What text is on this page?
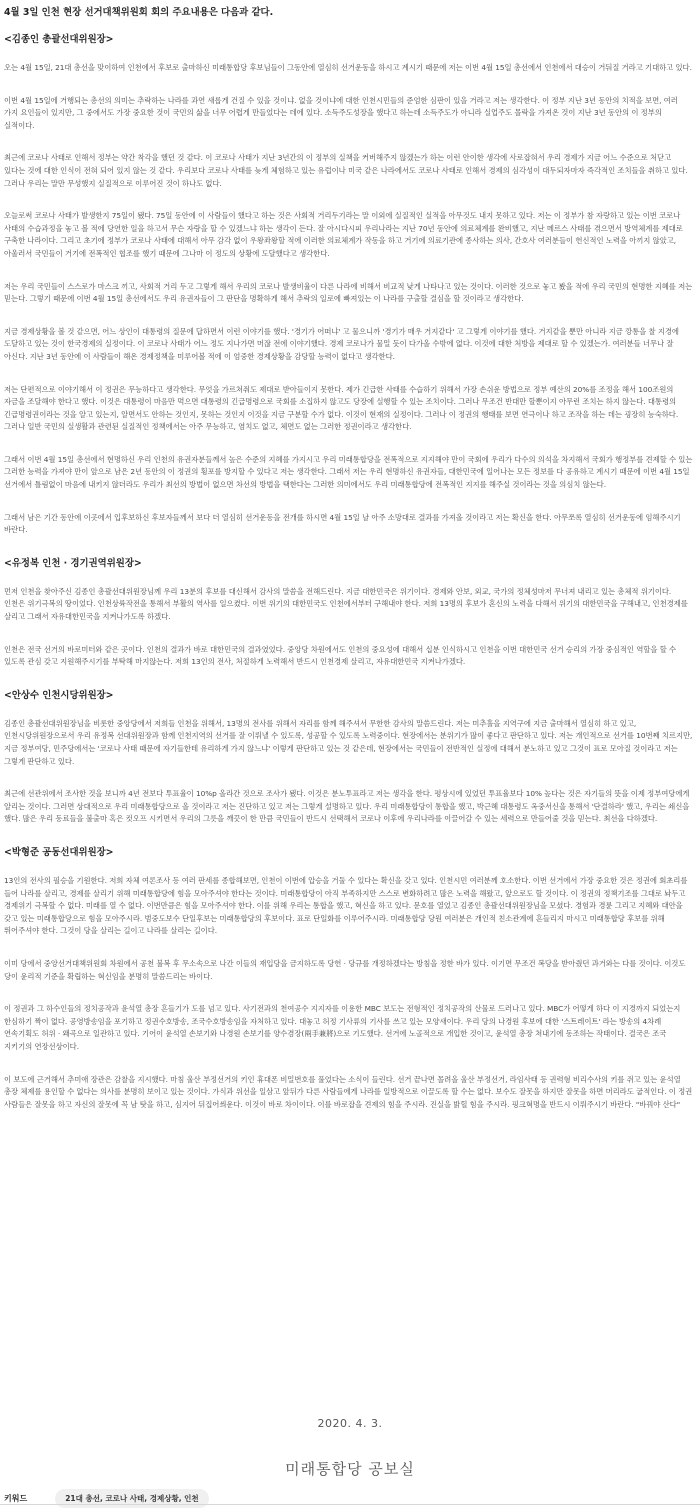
4월 3일 인천 현장 선거대책위원회 회의 주요내용은 다음과 같다.
<김종인 총괄선대위원장>

오는 4월 15일, 21대 총선을 맞이하여 인천에서 후보로 출마하신 미래통합당 후보님들이 그동안에 열심히 선거운동을 하시고 계시기 때문에 저는 이번 4월 15일 총선에서 인천에서 대승이 거둬질 거라고 기대하고 있다.

이번 4월 15일에 거행되는 총선의 의미는 추락하는 나라를 과연 새롭게 건질 수 있을 것이냐. 없을 것이냐에 대한 인천시민들의 준엄한 심판이 있을 거라고 저는 생각한다. 이 정부 지난 3년 동안의 치적을 보면, 여러 가지 요인들이 있지만, 그 중에서도 가장 중요한 것이 국민의 삶을 너무 어렵게 만들었다는 데에 있다. 소득주도성장을 했다고 하는데 소득주도가 아니라 실업주도 몰락을 가져온 것이 지난 3년 동안의 이 정부의 실적이다.

최근에 코로나 사태로 인해서 정부는 약간 착각을 했던 것 같다. 이 코로나 사태가 지난 3년간의 이 정부의 실책을 커버해주지 않겠는가 하는 이런 안이한 생각에 사로잡혀서 우리 경제가 지금 어느 수준으로 처닫고 있다는 것에 대한 인식이 전혀 되어 있지 않는 것 같다. 우리보다 코로나 사태를 늦게 체험하고 있는 유럽이나 미국 같은 나라에서도 코로나 사태로 인해서 경제의 심각성이 대두되자마자 즉각적인 조치들을 취하고 있다. 그러나 우리는 말만 무성했지 실질적으로 이루어진 것이 하나도 없다.

오늘로써 코로나 사태가 발생한지 75일이 됐다. 75일 동안에 이 사람들이 했다고 하는 것은 사회적 거리두기라는 말 이외에 실질적인 실적을 아무것도 내지 못하고 있다. 저는 이 정부가 참 자랑하고 있는 이번 코로나 사태의 수습과정을 놓고 볼 적에 당연한 일을 하고서 무슨 자랑을 할 수 있겠느냐 하는 생각이 든다. 잘 아시다시피 우리나라는 지난 70년 동안에 의료체계를 완비했고, 지난 메르스 사태를 겪으면서 방역체계를 제대로 구축한 나라이다. 그리고 초기에 정부가 코로나 사태에 대해서 아무 감각 없이 우왕좌왕할 적에 이러한 의료체계가 작동을 하고 거기에 의료기관에 종사하는 의사, 간호사 여러분들이 헌신적인 노력을 아끼지 않았고, 아울러서 국민들이 거기에 전폭적인 협조를 했기 때문에 그나마 이 정도의 상황에 도달했다고 생각한다.

저는 우리 국민들이 스스로가 마스크 끼고, 사회적 거리 두고 그렇게 해서 우리의 코로나 발생비율이 다른 나라에 비해서 비교적 낮게 나타나고 있는 것이다. 이러한 것으로 놓고 봤을 적에 우리 국민의 현명한 지혜를 저는 믿는다. 그렇기 때문에 이번 4월 15일 총선에서도 우리 유권자들이 그 판단을 명확하게 해서 추락의 일로에 빠져있는 이 나라를 구출할 결심을 할 것이라고 생각한다.

지금 경제상황을 볼 것 같으면, 어느 상인이 대통령의 질문에 답하면서 이런 이야기를 했다. '경기가 어떠냐' 고 물으니까 '경기가 매우 거지같다' 고 그렇게 이야기를 했다. 거지같을 뿐만 아니라 지금 깡통을 찰 지경에 도달하고 있는 것이 한국경제의 실정이다. 이 코로나 사태가 어느 정도 지나가면 머잖 전에 이야기했다. 경제 코로나가 물밀 듯이 다가올 수밖에 없다. 이것에 대한 처방을 제대로 할 수 있겠는가. 여러분들 너무나 잘 아신다. 지난 3년 동안에 이 사람들이 해온 경제정책을 미루어볼 적에 이 엄중한 경제상황을 감당할 능력이 없다고 생각한다.

저는 단편적으로 이야기해서 이 정권은 무능하다고 생각한다. 무엇을 가르쳐줘도 제대로 받아들이지 못한다. 제가 긴급한 사태를 수습하기 위해서 가장 손쉬운 방법으로 정부 예산의 20%를 조정을 해서 100조원의 자금을 조달해야 한다고 했다. 이것은 대통령이 마음만 먹으면 대통령의 긴급명령으로 국회를 소집하지 않고도 당장에 실행할 수 있는 조치이다. 그러나 무조건 반대만 할뿐이지 아무런 조치는 하지 않는다. 대통령의 긴급명령권이라는 것을 알고 있는지, 알면서도 안하는 것인지, 못하는 것인지 이것을 지금 구분할 수가 없다. 이것이 현재의 실정이다. 그러나 이 정권의 행태를 보면 연극이나 하고 조작을 하는 데는 굉장히 능숙하다. 그러나 일반 국민의 실생활과 관련된 실질적인 정책에서는 아주 무능하고, 염치도 없고, 체면도 없는 그러한 정권이라고 생각한다.

그래서 이번 4월 15일 총선에서 현명하신 우리 인천의 유권자분들께서 높은 수준의 지혜를 가지시고 우리 미래통합당을 전폭적으로 지지해야 만이 국회에 우리가 다수의 의석을 차지해서 국회가 행정부를 견제할 수 있는 그러한 능력을 가져야 만이 앞으로 남은 2년 동안의 이 정권의 횡포를 방지할 수 있다고 저는 생각한다. 그래서 저는 우리 현명하신 유권자들, 대한민국에 일어나는 모든 정보를 다 공유하고 계시기 때문에 이번 4월 15일 선거에서 틀림없이 마음에 내키지 않더라도 우리가 최선의 방법이 없으면 차선의 방법을 택한다는 그러한 의미에서도 우리 미래통합당에 전폭적인 지지를 해주실 것이라는 것을 의심치 않는다.

그래서 남은 기간 동안에 이곳에서 입후보하신 후보자들께서 보다 더 열심히 선거운동을 전개를 하시면 4월 15일 날 아주 소망대로 결과를 가져올 것이라고 저는 확신을 한다. 아무쪼록 열심히 선거운동에 임해주시기 바란다.

<유정복 인천 · 경기권역위원장>

먼저 인천을 찾아주신 김종인 총괄선대위원장님께 우리 13분의 후보를 대신해서 감사의 말씀을 전해드린다. 지금 대한민국은 위기이다. 경제와 안보, 외교, 국가의 정체성마저 무너져 내리고 있는 총체적 위기이다. 인천은 위기극복의 땅이었다. 인천상륙작전을 통해서 부활의 역사를 일으켰다. 이번 위기의 대한민국도 인천에서부터 구해내야 한다. 저희 13명의 후보가 혼신의 노력을 다해서 위기의 대한민국을 구해내고, 인천경제를 살리고 그래서 자유대한민국을 지켜나가도록 하겠다.

인천은 전국 선거의 바로미터와 같은 곳이다. 인천의 결과가 바로 대한민국의 결과였었다. 중앙당 차원에서도 인천의 중요성에 대해서 십분 인식하시고 인천을 이번 대한민국 선거 승리의 가장 중심적인 역할을 할 수 있도록 관심 갖고 지원해주시기를 부탁해 마지않는다. 저희 13인의 전사, 처절하게 노력해서 반드시 인천경제 살리고, 자유대한민국 지켜나가겠다.

<안상수 인천시당위원장>

김종인 총괄선대위원장님을 비롯한 중앙당에서 저희들 인천을 위해서, 13명의 전사를 위해서 자리를 함께 해주셔서 무한한 감사의 말씀드린다. 저는 미추홀을 지역구에 지금 출마해서 열심히 하고 있고, 인천시당위원장으로서 우리 유정복 선대위원장과 함께 인천지역의 선거를 잘 이뤄낼 수 있도록, 성공할 수 있도록 노력중이다. 현장에서는 분위기가 많이 좋다고 판단하고 있다. 저는 개인적으로 선거를 10번째 치르지만, 지금 정부여당, 민주당에서는 '코로나 사태 때문에 자기들한테 유리하게 가지 않느냐' 이렇게 판단하고 있는 것 같은데, 현장에서는 국민들이 전반적인 실정에 대해서 분노하고 있고 그것이 표로 모아질 것이라고 저는 그렇게 판단하고 있다.

최근에 선관위에서 조사한 것을 보니까 4년 전보다 투표율이 10%p 올라간 것으로 조사가 됐다. 이것은 분노투표라고 저는 생각을 한다. 평상시에 있었던 투표율보다 10% 높다는 것은 자기들의 뜻을 이제 정부여당에게 알리는 것이다. 그러면 상대적으로 우리 미래통합당으로 올 것이라고 저는 진단하고 있고 저는 그렇게 설명하고 있다. 우리 미래통합당이 통합을 했고, 박근혜 대통령도 옥중서신을 통해서 '단결하라' 했고, 우리는 쇄신을 했다. 많은 우리 동료들을 불출마 혹은 컷오프 시키면서 우리의 그릇을 깨끗이 한 만큼 국민들이 반드시 선택해서 코로나 이후에 우리나라를 이끌어갈 수 있는 세력으로 만들어줄 것을 믿는다. 최선을 다하겠다.

<박형준 공동선대위원장>

13인의 전사의 필승을 기원한다. 저희 자체 여론조사 등 여러 판세를 종합해보면, 인천이 이번에 압승을 거둘 수 있다는 확신을 갖고 있다. 인천시민 여러분께 호소한다. 이번 선거에서 가장 중요한 것은 정권에 회초리를 들어 나라를 살리고, 경제를 살리기 위해 미래통합당에 힘을 모아주셔야 한다는 것이다. 미래통합당이 아직 부족하지만 스스로 변화하려고 많은 노력을 해왔고, 앞으로도 할 것이다. 이 정권의 정책기조를 그대로 놔두고 경제위기 극복할 수 없다. 미래를 열 수 없다. 이번만큼은 힘을 모아주셔야 한다. 이를 위해 우리는 통합을 했고, 혁신을 하고 있다. 문호를 열었고 김종인 총괄선대위원장님을 모셨다. 경험과 경륜 그리고 지혜와 대안을 갖고 있는 미래통합당으로 힘을 모아주시라. 범중도보수 단일후보는 미래통합당의 후보이다. 표로 단일화를 이루어주시라. 미래통합당 당원 여러분은 개인적 친소관계에 흔들리지 마시고 미래통합당 후보를 위해 뛰어주셔야 한다. 그것이 당을 살리는 길이고 나라를 살리는 길이다.

이미 당에서 중앙선거대책위원회 차원에서 공천 불복 후 무소속으로 나간 이들의 재입당을 금지하도록 당헌 · 당규를 개정하겠다는 방침을 정한 바가 있다. 이기면 무조건 복당을 받아줬던 과거와는 다를 것이다. 이것도 당이 윤리적 기준을 확립하는 혁신임을 분명히 말씀드리는 바이다.

이 정권과 그 하수인들의 정치공작과 윤석열 총장 흔들기가 도를 넘고 있다. 사기전과의 천여공수 지지자를 이용한 MBC 보도는 전형적인 정치공작의 산물로 드러나고 있다. MBC가 어떻게 하다 이 지경까지 되었는지 한심하기 짝이 없다. 공영방송임을 포기하고 정권수호방송, 조국수호방송임을 자처하고 있다. 대놓고 허정 기사류의 기사를 쓰고 있는 모양새이다. 우리 당의 나경원 후보에 대한 '스트레이트' 라는 방송의 4차례 연속기획도 허위 · 왜곡으로 일관하고 있다. 기어이 윤석열 손보기와 나경원 손보기를 양수겸장(兩手兼將)으로 기도했다. 선거에 노골적으로 개입한 것이고, 윤석열 총장 쳐내기에 동조하는 작태이다. 결국은 조국 지키기의 연장선상이다.

이 보도에 근거해서 추미애 장관은 감찰을 지시했다. 마침 울산 부정선거의 키인 휴대폰 비밀번호를 풀었다는 소식이 들린다. 선거 끝나면 몰려올 울산 부정선거, 라임사태 등 권력형 비리수사의 키를 쥐고 있는 윤석열 총장 체제를 용인할 수 없다는 의사를 분명히 보이고 있는 것이다. 가식과 위선을 일삼고 앞뒤가 다른 사람들에게 나라를 일방적으로 이끌도록 할 수는 없다. 보수도 잘못을 하지만 잘못을 하면 머리라도 굽적인다. 이 정권 사람들은 잘못을 하고 자신의 잘못에 꼭 남 탓을 하고, 심지어 뒤집어씌운다. 이것이 바로 차이이다. 이를 바로잡을 견제의 힘을 주시라. 진실을 밝힐 힘을 주시라. 핑크혁명을 반드시 이뤄주시기 바란다. "바꿔야 산다"

2020. 4. 3.
미래통합당 공보실
키워드	21대 총선, 코로나 사태, 경제상황, 인천
